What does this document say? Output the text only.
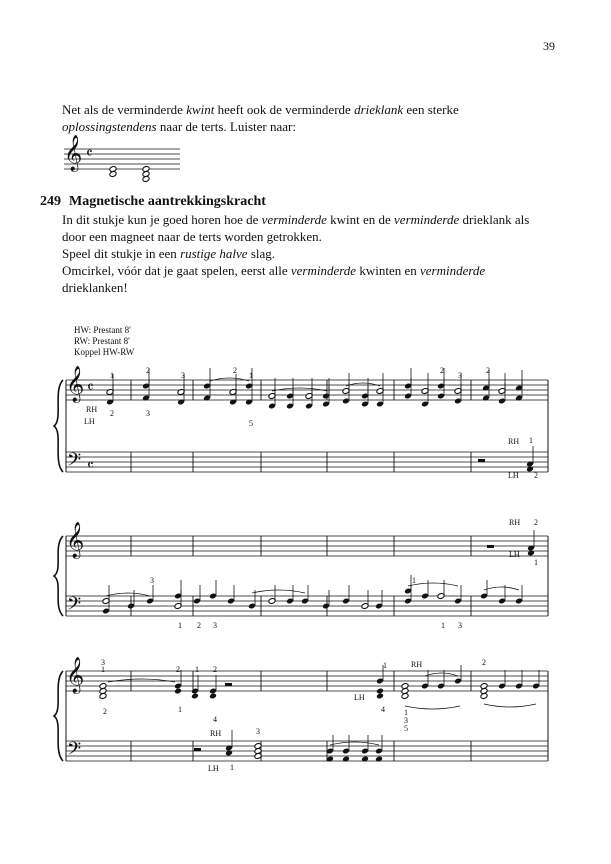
39

Net als de verminderde kwint heeft ook de verminderde drieklank een sterke

oplossingstendens naar de terts. Luister naar:

249 Magnetische aantrekkingskracht

In dit stukje kun je goed horen hoe de verminderde kwint en de verminderde drieklank als

door een magneet naar de terts worden getrokken.

Speel dit stukje in een rustige halve slag.

Omcirkel, vóór dat je gaat spelen, eerst alle verminderde kwinten en verminderde

drieklanken!

HW: Prestant 8'
RW: Prestant 8'
Koppel HW-RW
𝄞 𝄴
𝄞 𝄴
𝄢 𝄴
RH
LH
1
2
3
2
1
2
3
2
2	3
5
RH
LH
1
2
𝄞
𝄢
RH
LH
2
1
3
1 2 3	1 3
1
𝄞
𝄢
3
1	2 1 2
2	1
4
RH
LH 1
3
LH
1
4
RH
1
3
5
2
